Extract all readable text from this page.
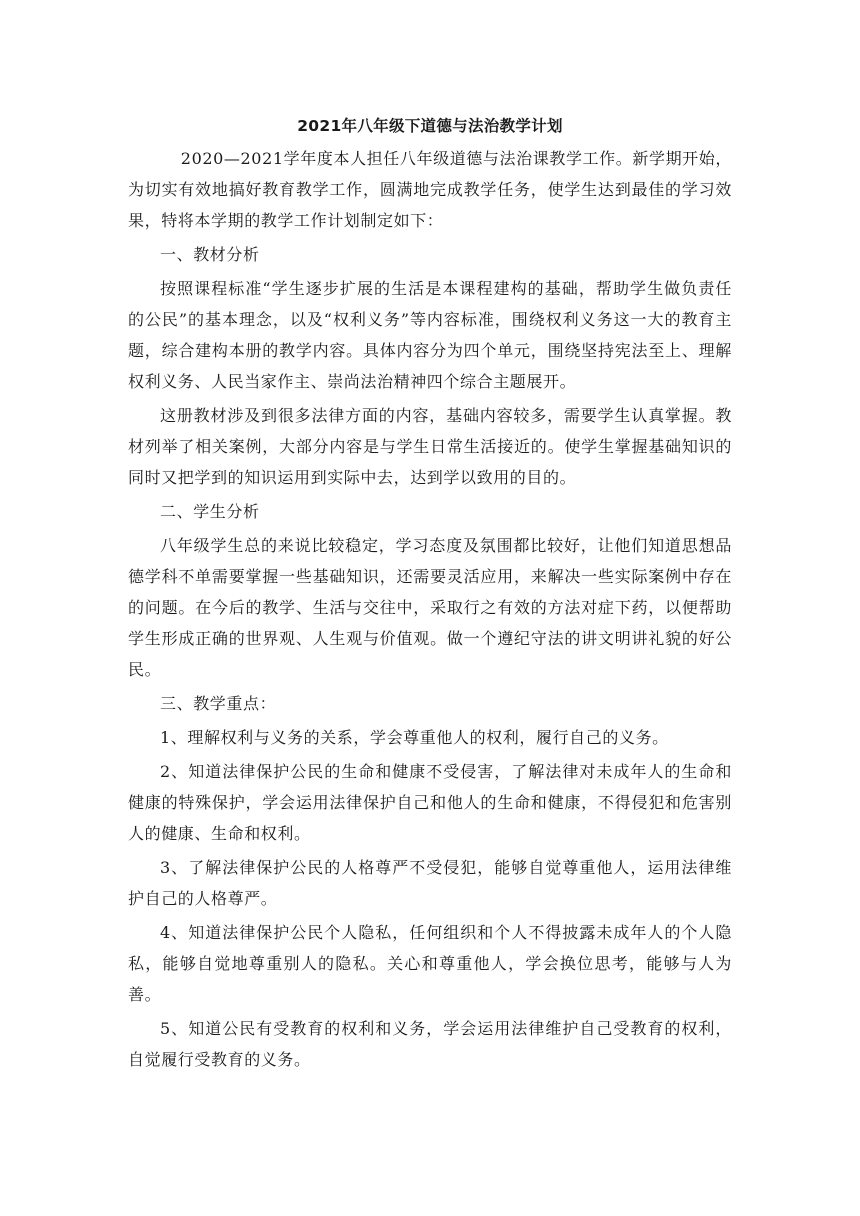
2021年八年级下道德与法治教学计划

2020—2021学年度本人担任八年级道德与法治课教学工作。新学期开始，为切实有效地搞好教育教学工作，圆满地完成教学任务，使学生达到最佳的学习效果，特将本学期的教学工作计划制定如下：

一、教材分析

按照课程标准“学生逐步扩展的生活是本课程建构的基础，帮助学生做负责任的公民”的基本理念，以及“权利义务”等内容标准，围绕权利义务这一大的教育主题，综合建构本册的教学内容。具体内容分为四个单元，围绕坚持宪法至上、理解权利义务、人民当家作主、崇尚法治精神四个综合主题展开。

这册教材涉及到很多法律方面的内容，基础内容较多，需要学生认真掌握。教材列举了相关案例，大部分内容是与学生日常生活接近的。使学生掌握基础知识的同时又把学到的知识运用到实际中去，达到学以致用的目的。

二、学生分析

八年级学生总的来说比较稳定，学习态度及氛围都比较好，让他们知道思想品德学科不单需要掌握一些基础知识，还需要灵活应用，来解决一些实际案例中存在的问题。在今后的教学、生活与交往中，采取行之有效的方法对症下药，以便帮助学生形成正确的世界观、人生观与价值观。做一个遵纪守法的讲文明讲礼貌的好公民。

三、教学重点：

1、理解权利与义务的关系，学会尊重他人的权利，履行自己的义务。

2、知道法律保护公民的生命和健康不受侵害，了解法律对未成年人的生命和健康的特殊保护，学会运用法律保护自己和他人的生命和健康，不得侵犯和危害别人的健康、生命和权利。

3、了解法律保护公民的人格尊严不受侵犯，能够自觉尊重他人，运用法律维护自己的人格尊严。

4、知道法律保护公民个人隐私，任何组织和个人不得披露未成年人的个人隐私，能够自觉地尊重别人的隐私。关心和尊重他人，学会换位思考，能够与人为善。

5、知道公民有受教育的权利和义务，学会运用法律维护自己受教育的权利，自觉履行受教育的义务。
